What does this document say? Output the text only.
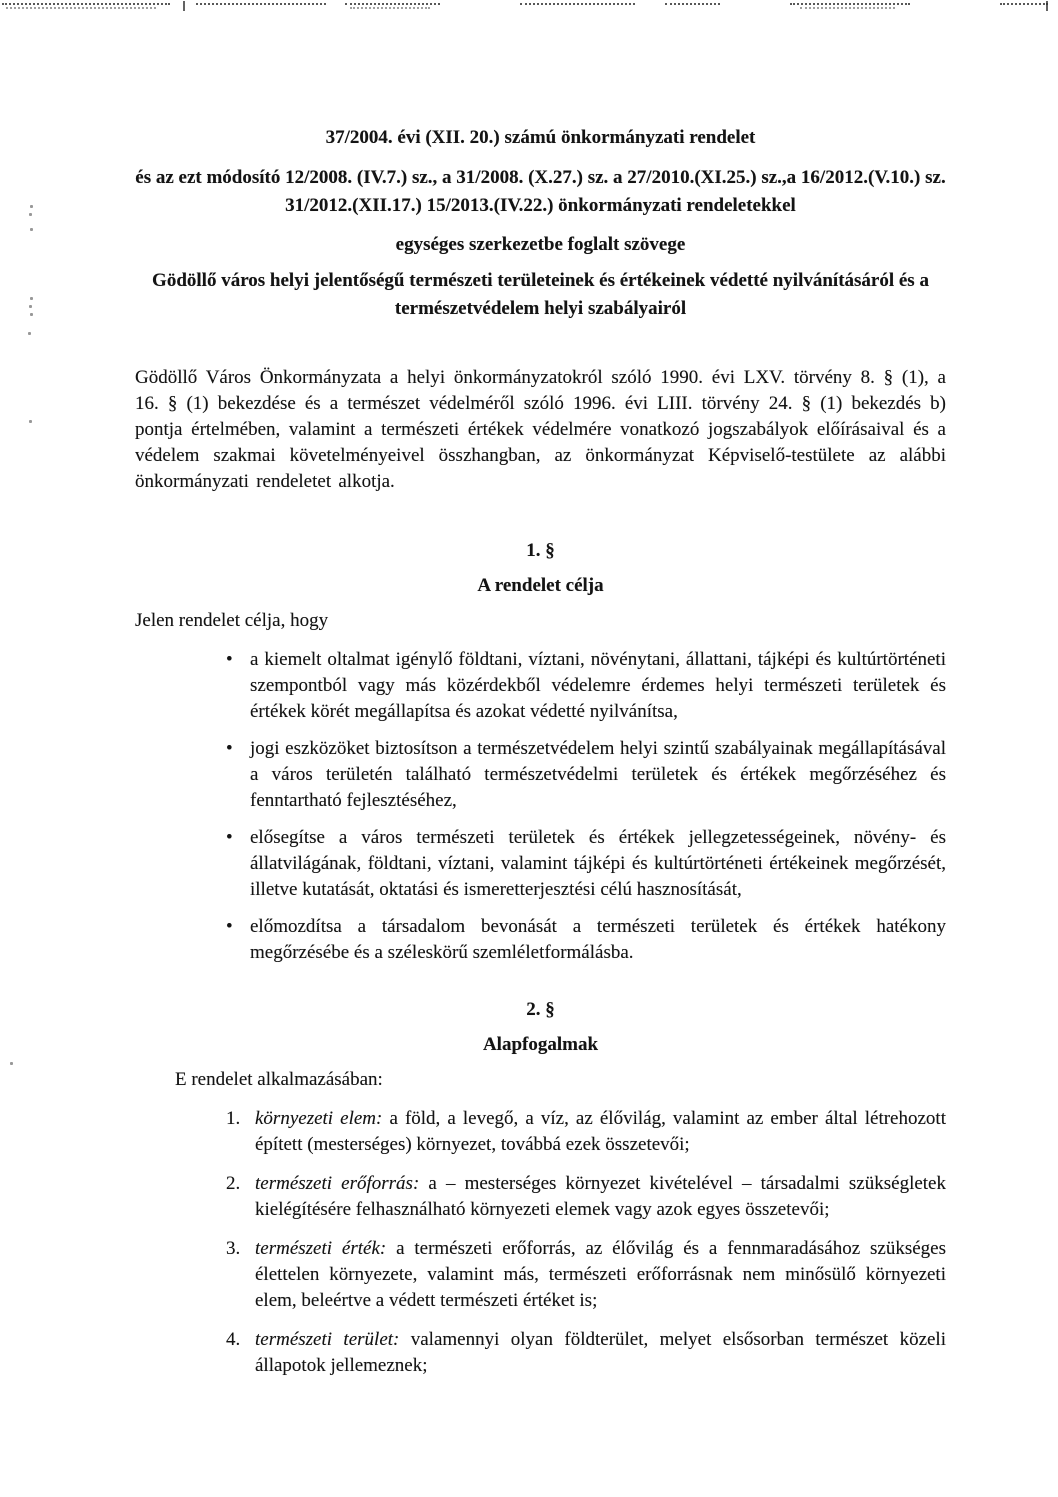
37/2004. évi (XII. 20.) számú önkormányzati rendelet

és az ezt módosító 12/2008. (IV.7.) sz., a 31/2008. (X.27.) sz. a 27/2010.(XI.25.) sz.,a 16/2012.(V.10.) sz. 31/2012.(XII.17.) 15/2013.(IV.22.) önkormányzati rendeletekkel

egységes szerkezetbe foglalt szövege

Gödöllő város helyi jelentőségű természeti területeinek és értékeinek védetté nyilvánításáról és a természetvédelem helyi szabályairól

Gödöllő Város Önkormányzata a helyi önkormányzatokról szóló 1990. évi LXV. törvény 8. § (1), a 16. § (1) bekezdése és a természet védelméről szóló 1996. évi LIII. törvény 24. § (1) bekezdés b) pontja értelmében, valamint a természeti értékek védelmére vonatkozó jogszabályok előírásaival és a védelem szakmai követelményeivel összhangban, az önkormányzat Képviselő-testülete az alábbi önkormányzati rendeletet alkotja.

1. §

A rendelet célja

Jelen rendelet célja, hogy

• a kiemelt oltalmat igénylő földtani, víztani, növénytani, állattani, tájképi és kultúrtörténeti szempontból vagy más közérdekből védelemre érdemes helyi természeti területek és értékek körét megállapítsa és azokat védetté nyilvánítsa,
• jogi eszközöket biztosítson a természetvédelem helyi szintű szabályainak megállapításával a város területén található természetvédelmi területek és értékek megőrzéséhez és fenntartható fejlesztéséhez,
• elősegítse a város természeti területek és értékek jellegzetességeinek, növény- és állatvilágának, földtani, víztani, valamint tájképi és kultúrtörténeti értékeinek megőrzését, illetve kutatását, oktatási és ismeretterjesztési célú hasznosítását,
• előmozdítsa a társadalom bevonását a természeti területek és értékek hatékony megőrzésébe és a széleskörű szemléletformálásba.

2. §

Alapfogalmak

E rendelet alkalmazásában:

1. környezeti elem: a föld, a levegő, a víz, az élővilág, valamint az ember által létrehozott épített (mesterséges) környezet, továbbá ezek összetevői;
2. természeti erőforrás: a – mesterséges környezet kivételével – társadalmi szükségletek kielégítésére felhasználható környezeti elemek vagy azok egyes összetevői;
3. természeti érték: a természeti erőforrás, az élővilág és a fennmaradásához szükséges élettelen környezete, valamint más, természeti erőforrásnak nem minősülő környezeti elem, beleértve a védett természeti értéket is;
4. természeti terület: valamennyi olyan földterület, melyet elsősorban természet közeli állapotok jellemeznek;
